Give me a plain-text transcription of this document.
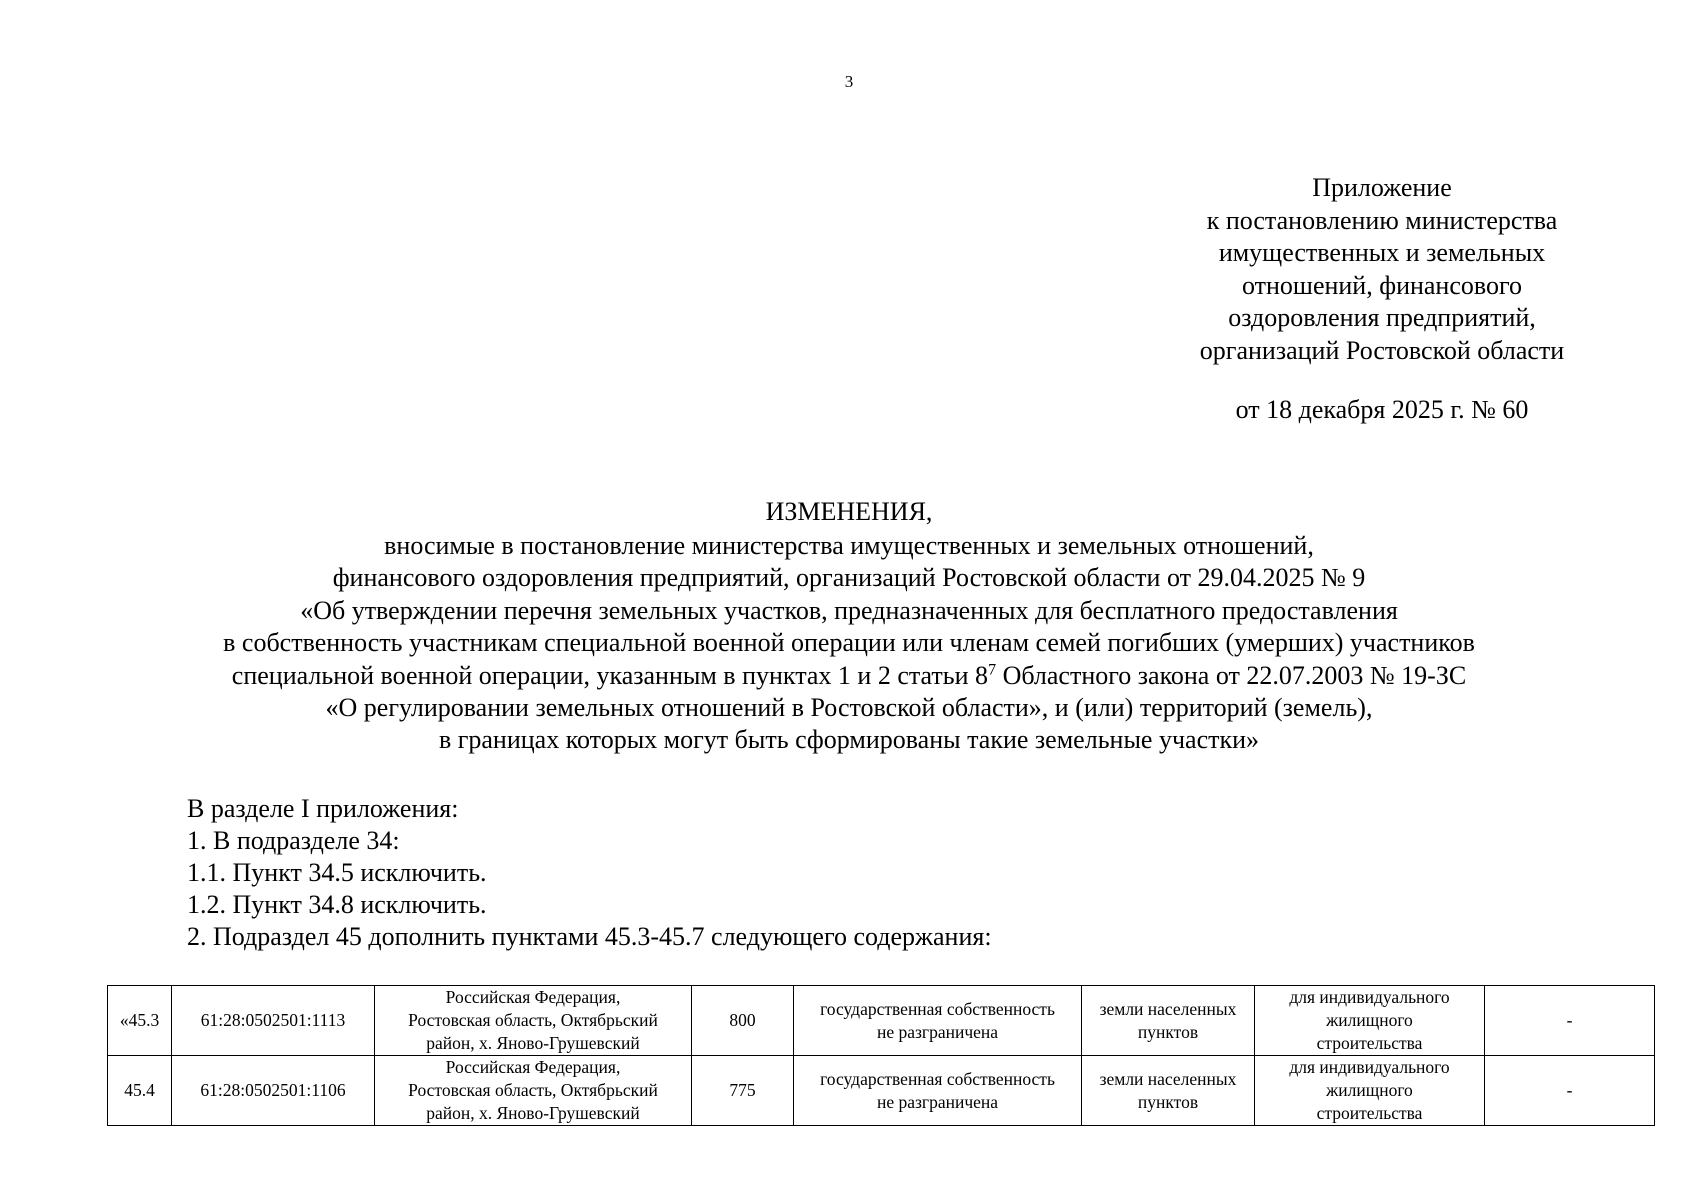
3
Приложение
к постановлению министерства
имущественных и земельных
отношений, финансового
оздоровления предприятий,
организаций Ростовской области
от 18 декабря 2025 г. № 60
ИЗМЕНЕНИЯ,
вносимые в постановление министерства имущественных и земельных отношений,
финансового оздоровления предприятий, организаций Ростовской области от 29.04.2025 № 9
«Об утверждении перечня земельных участков, предназначенных для бесплатного предоставления
в собственность участникам специальной военной операции или членам семей погибших (умерших) участников
специальной военной операции, указанным в пунктах 1 и 2 статьи $8^7$ Областного закона от 22.07.2003 № 19-ЗС
«О регулировании земельных отношений в Ростовской области», и (или) территорий (земель),
в границах которых могут быть сформированы такие земельные участки»
В разделе I приложения:
1. В подразделе 34:
1.1. Пункт 34.5 исключить.
1.2. Пункт 34.8 исключить.
2. Подраздел 45 дополнить пунктами 45.3-45.7 следующего содержания:
«45.3	61:28:0502501:1113	Российская Федерация,
Ростовская область, Октябрьский
район, х. Яново-Грушевский	800	государственная собственность
не разграничена	земли населенных
пунктов	для индивидуального
жилищного
строительства	-
45.4	61:28:0502501:1106	Российская Федерация,
Ростовская область, Октябрьский
район, х. Яново-Грушевский	775	государственная собственность
не разграничена	земли населенных
пунктов	для индивидуального
жилищного
строительства	-
